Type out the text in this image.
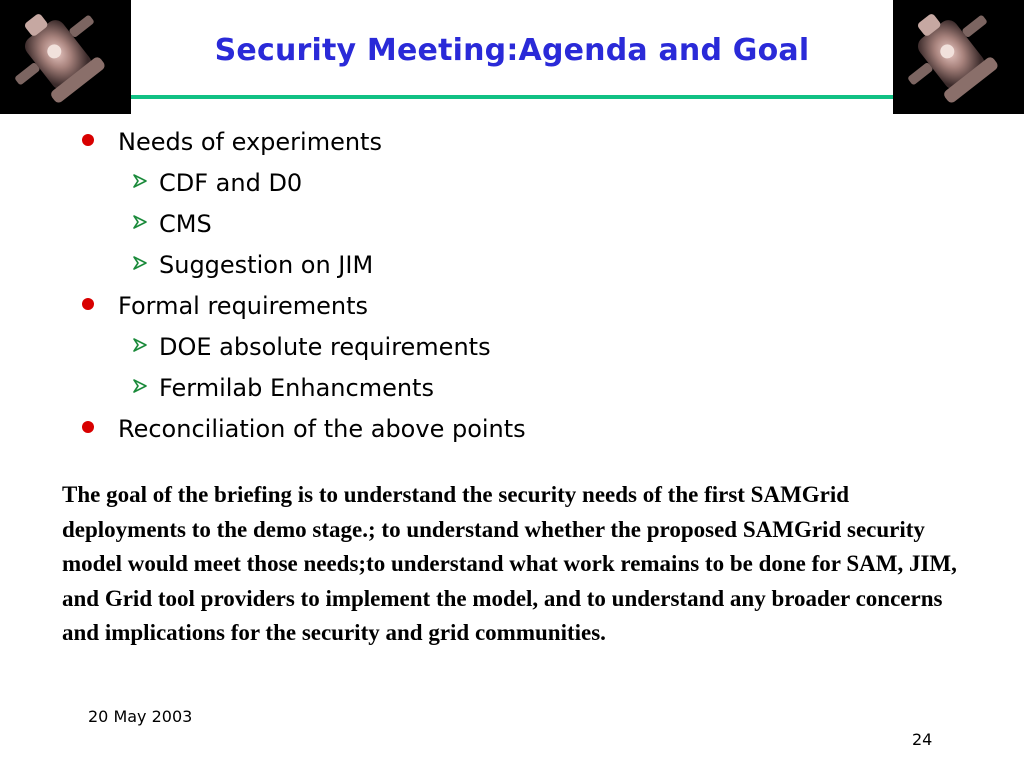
Security Meeting:Agenda and Goal
Needs of experiments
CDF and D0
CMS
Suggestion on JIM
Formal requirements
DOE absolute requirements
Fermilab Enhancments
Reconciliation of the above points
The goal of the briefing is to understand the security needs of the first SAMGrid deployments to the demo stage.; to understand whether the proposed SAMGrid security model would meet those needs;to understand what work remains to be done for SAM, JIM, and Grid tool providers to implement the model, and to understand any broader concerns and implications for the security and grid communities.
20 May 2003
24
